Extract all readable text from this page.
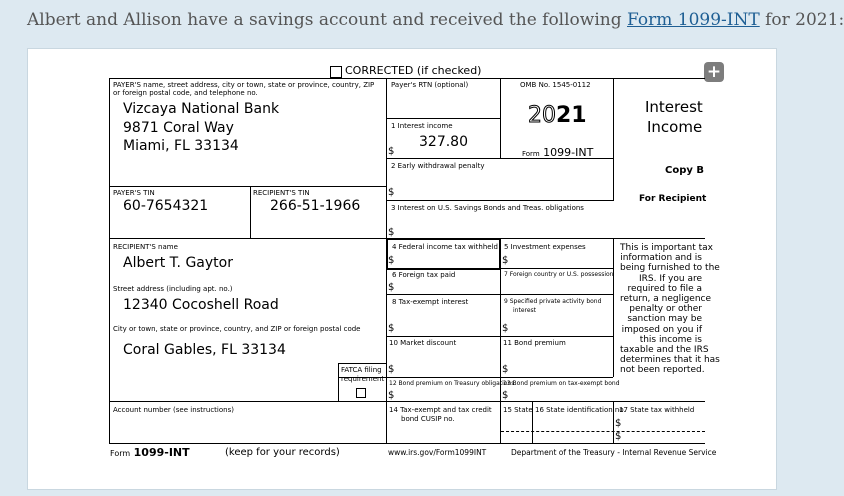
Albert and Allison have a savings account and received the following Form 1099-INT for 2021:
+
CORRECTED (if checked)
PAYER'S name, street address, city or town, state or province, country, ZIP
or foreign postal code, and telephone no.
Vizcaya National Bank
9871 Coral Way
Miami, FL 33134
Payer's RTN (optional)	OMB No. 1545-0112
2021
Form 1099-INT
Interest
Income
1 Interest income
$
327.80
2 Early withdrawal penalty
$
Copy B
For Recipient
PAYER'S TIN
60-7654321
RECIPIENT'S TIN
266-51-1966	3 Interest on U.S. Savings Bonds and Treas. obligations
$
RECIPIENT'S name
Albert T. Gaytor
Street address (including apt. no.)
12340 Cocoshell Road
City or town, state or province, country, and ZIP or foreign postal code
Coral Gables, FL 33134
4 Federal income tax withheld
$
5 Investment expenses
$
6 Foreign tax paid
$
7 Foreign country or U.S. possession
8 Tax-exempt interest
$
9 Specified private activity bond
interest
$
10 Market discount
$
11 Bond premium
$
FATCA filing
requirement
12 Bond premium on Treasury obligations
$
13 Bond premium on tax-exempt bond
$
This is important tax
information and is
being furnished to the
IRS. If you are
required to file a
return, a negligence
penalty or other
sanction may be
imposed on you if
this income is
taxable and the IRS
determines that it has
not been reported.
Account number (see instructions)	14 Tax-exempt and tax credit
bond CUSIP no.
15 State 16 State identification no.
17 State tax withheld
$
$
Form 1099-INT	(keep for your records)	www.irs.gov/Form1099INT	Department of the Treasury - Internal Revenue Service
